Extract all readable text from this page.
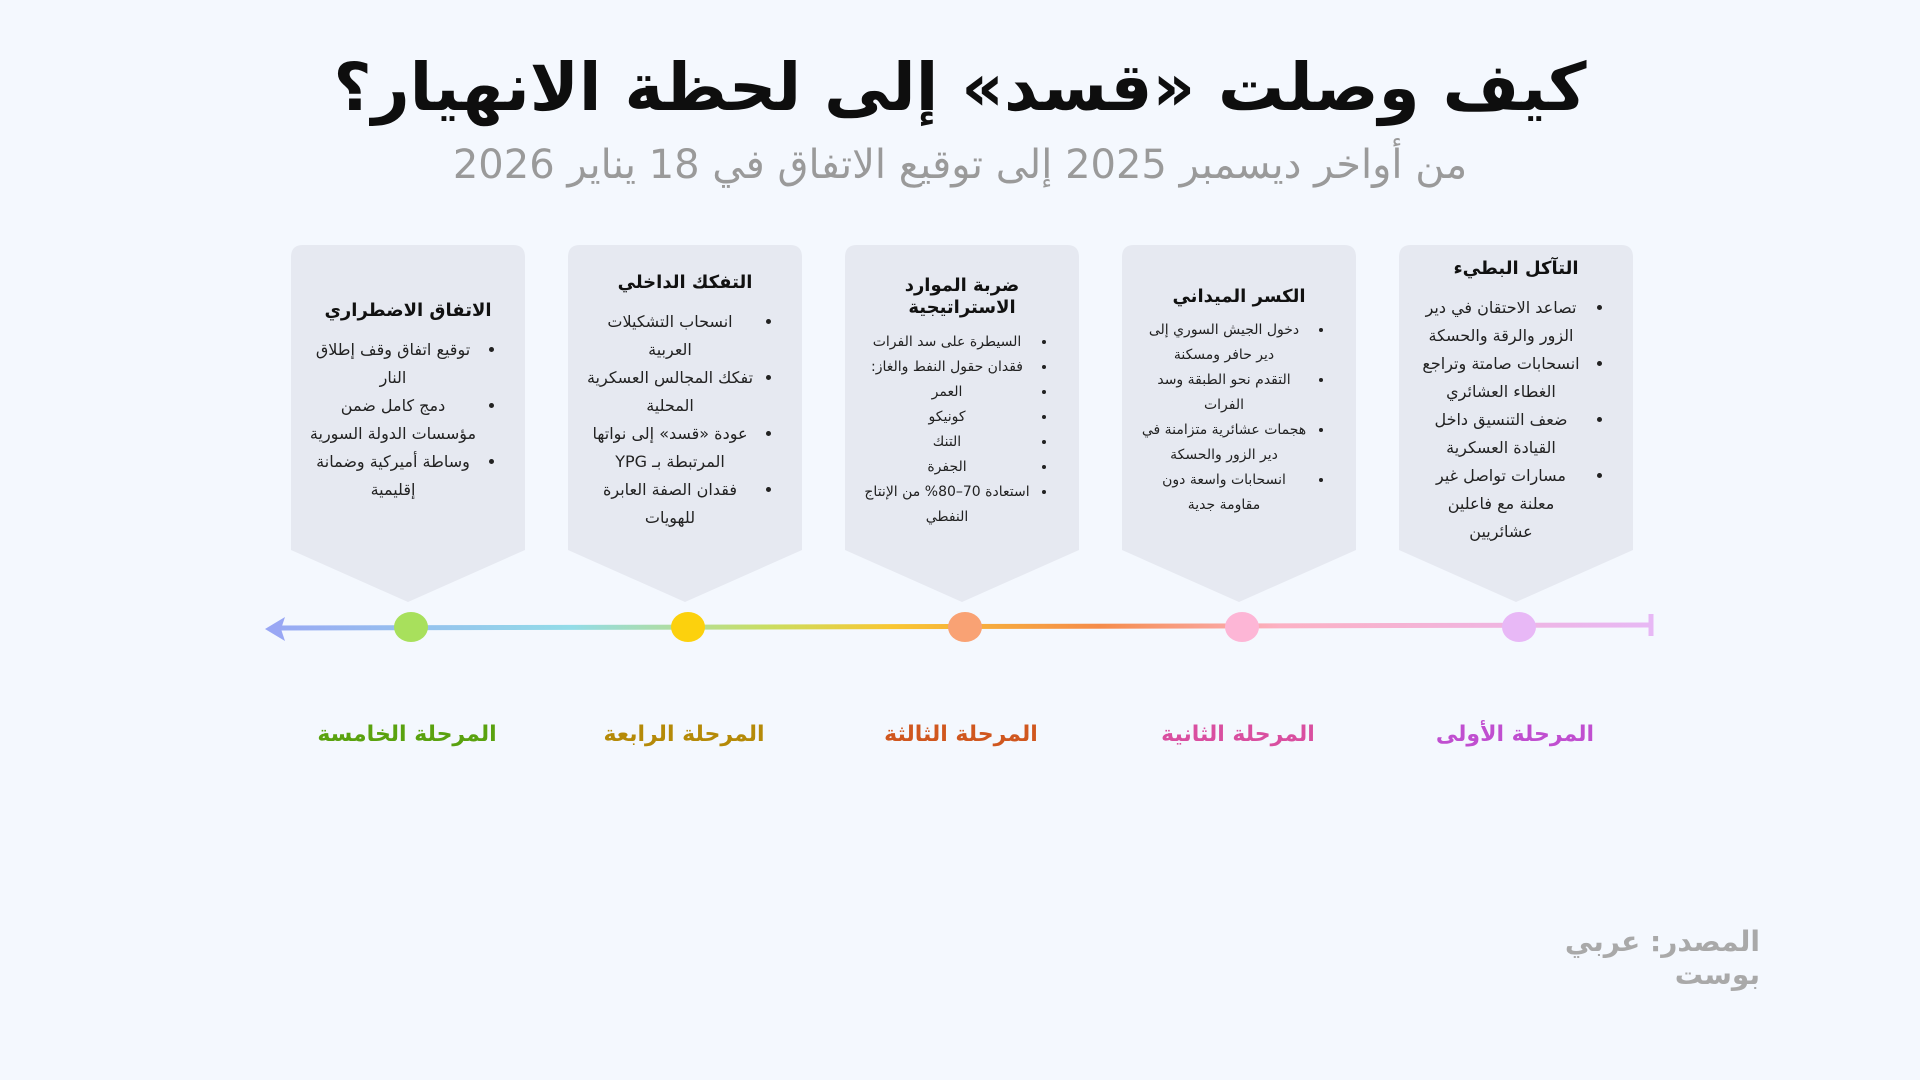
كيف وصلت «قسد» إلى لحظة الانهيار؟
من أواخر ديسمبر 2025 إلى توقيع الاتفاق في 18 يناير 2026
التآكل البطيء
• تصاعد الاحتقان في دير الزور والرقة والحسكة
• انسحابات صامتة وتراجع الغطاء العشائري
• ضعف التنسيق داخل القيادة العسكرية
• مسارات تواصل غير معلنة مع فاعلين عشائريين
الكسر الميداني
• دخول الجيش السوري إلى دير حافر ومسكنة
• التقدم نحو الطبقة وسد الفرات
• هجمات عشائرية متزامنة في دير الزور والحسكة
• انسحابات واسعة دون مقاومة جدية
ضربة الموارد الاستراتيجية
• السيطرة على سد الفرات
• فقدان حقول النفط والغاز:
• العمر
• كونيكو
• التنك
• الجفرة
• استعادة 70–80% من الإنتاج النفطي
التفكك الداخلي
• انسحاب التشكيلات العربية
• تفكك المجالس العسكرية المحلية
• عودة «قسد» إلى نواتها المرتبطة بـ YPG
• فقدان الصفة العابرة للهويات
الاتفاق الاضطراري
• توقيع اتفاق وقف إطلاق النار
• دمج كامل ضمن مؤسسات الدولة السورية
• وساطة أميركية وضمانة إقليمية
المرحلة الأولى
المرحلة الثانية
المرحلة الثالثة
المرحلة الرابعة
المرحلة الخامسة
المصدر: عربي بوست
